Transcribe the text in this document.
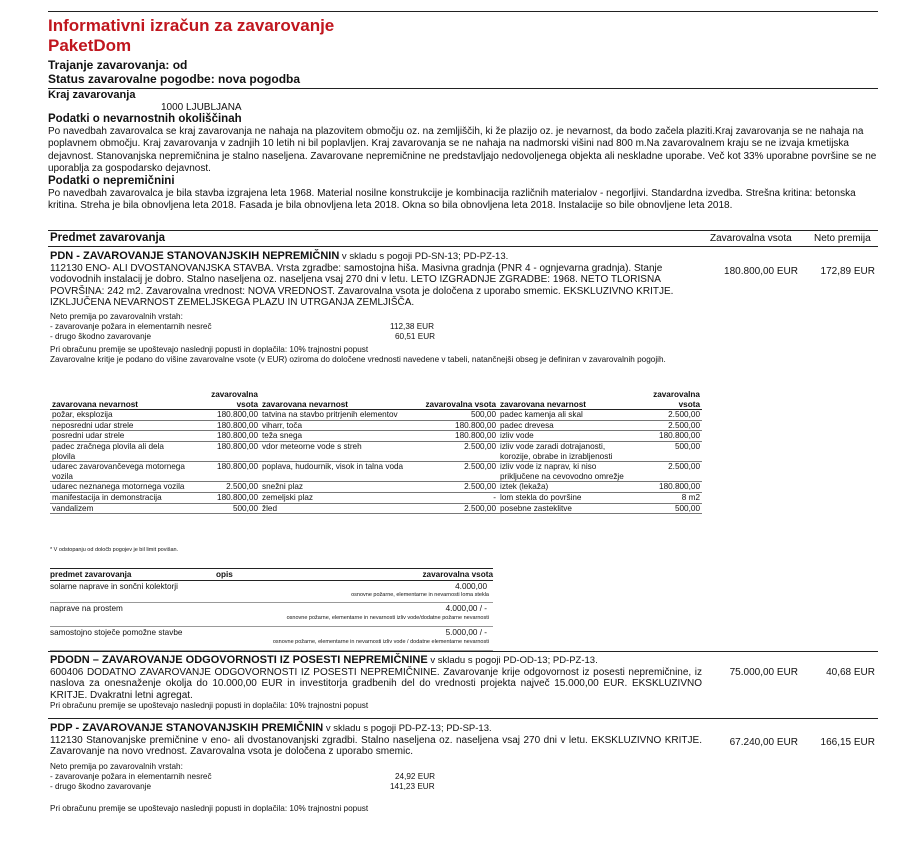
Informativni izračun za zavarovanje
PaketDom
Trajanje zavarovanja: od
Status zavarovalne pogodbe: nova pogodba
Kraj zavarovanja
1000 LJUBLJANA
Podatki o nevarnostnih okoliščinah
Po navedbah zavarovalca se kraj zavarovanja ne nahaja na plazovitem območju oz. na zemljiščih, ki že plazijo oz. je nevarnost, da bodo začela plaziti.Kraj zavarovanja se ne nahaja na poplavnem območju. Kraj zavarovanja v zadnjih 10 letih ni bil poplavljen. Kraj zavarovanja se ne nahaja na nadmorski višini nad 800 m.Na zavarovalnem kraju se ne izvaja kmetijska dejavnost. Stanovanjska nepremičnina je stalno naseljena. Zavarovane nepremičnine ne predstavljajo nedovoljenega objekta ali neskladne uporabe. Več kot 33% uporabne površine se ne uporablja za gospodarsko dejavnost.
Podatki o nepremičnini
Po navedbah zavarovalca je bila stavba izgrajena leta 1968. Material nosilne konstrukcije je kombinacija različnih materialov - negorljivi. Standardna izvedba. Strešna kritina: betonska kritina. Streha je bila obnovljena leta 2018. Fasada je bila obnovljena leta 2018. Okna so bila obnovljena leta 2018. Instalacije so bile obnovljene leta 2018.
Predmet zavarovanja	Zavarovalna vsota Neto premija
PDN - ZAVAROVANJE STANOVANJSKIH NEPREMIČNIN v skladu s pogoji PD-SN-13; PD-PZ-13.
112130 ENO- ALI DVOSTANOVANJSKA STAVBA. Vrsta zgradbe: samostojna hiša. Masivna gradnja (PNR 4 - ognjevarna gradnja). Stanje vodovodnih instalacij je dobro. Stalno naseljena oz. naseljena vsaj 270 dni v letu. LETO IZGRADNJE ZGRADBE: 1968. NETO TLORISNA POVRŠINA: 242 m2. Zavarovalna vrednost: NOVA VREDNOST. Zavarovalna vsota je določena z uporabo smemic. EKSKLUZIVNO KRITJE. IZKLJUČENA NEVARNOST ZEMELJSKEGA PLAZU IN UTRGANJA ZEMLJIŠČA.
Neto premija po zavarovalnih vrstah:
- zavarovanje požara in elementarnih nesreč	112,38 EUR
- drugo škodno zavarovanje	60,51 EUR
Pri obračunu premije se upoštevajo naslednji popusti in doplačila: 10% trajnostni popust
Zavarovalne kritje je podano do višine zavarovalne vsote (v EUR) oziroma do določene vrednosti navedene v tabeli, natančnejši obseg je definiran v zavarovalnih pogojih.
180.800,00 EUR	172,89 EUR
zavarovana nevarnost	zavarovalna vsota	zavarovana nevarnost	zavarovalna vsota	zavarovana nevarnost	zavarovalna vsota
požar, eksplozija	180.800,00	tatvina na stavbo pritrjenih elementov	500,00	padec kamenja ali skal	2.500,00
neposredni udar strele	180.800,00	viharr, toča	180.800,00	padec drevesa	2.500,00
posredni udar strele	180.800,00	teža snega	180.800,00	izliv vode	180.800,00
padec zračnega plovila ali dela plovila	180.800,00	vdor meteorne vode s streh	2.500,00	izliv vode zaradi dotrajanosti, korozije, obrabe in izrabljenosti	500,00
udarec zavarovančevega motornega vozila	180.800,00	poplava, hudournik, visok in talna voda	2.500,00	izliv vode iz naprav, ki niso priključene na cevovodno omrežje	2.500,00
udarec neznanega motornega vozila	2.500,00	snežni plaz	2.500,00	iztek (lekaža)	180.800,00
manifestacija in demonstracija	180.800,00	zemeljski plaz	-	lom stekla do površine	8 m2
vandalizem	500,00	žled	2.500,00	posebne zasteklitve	500,00
* V odstopanju od določb pogojev je bil limit povišan.
predmet zavarovanja	opis	zavarovalna vsota
solarne naprave in sončni kolektorji	4.000,00
osnovne požarne, elementarne in nevarnosti loma stekla
naprave na prostem	4.000,00 / -
osnovne požarne, elementarne in nevarnosti izliv vode/dodatne požarne nevarnosti
samostojno stoječe pomožne stavbe	5.000,00 / -
osnovne požarne, elementarne in nevarnosti izliv vode / dodatne elementarne nevarnosti
PDODN – ZAVAROVANJE ODGOVORNOSTI IZ POSESTI NEPREMIČNINE v skladu s pogoji PD-OD-13; PD-PZ-13.
600406 DODATNO ZAVAROVANJE ODGOVORNOSTI IZ POSESTI NEPREMIČNINE. Zavarovanje krije odgovornost iz posesti nepremičnine, iz naslova za onesnaženje okolja do 10.000,00 EUR in investitorja gradbenih del do vrednosti projekta največ 15.000,00 EUR. EKSKLUZIVNO KRITJE. Dvakratni letni agregat.
Pri obračunu premije se upoštevajo naslednji popusti in doplačila: 10% trajnostni popust
75.000,00 EUR	40,68 EUR
PDP - ZAVAROVANJE STANOVANJSKIH PREMIČNIN v skladu s pogoji PD-PZ-13; PD-SP-13.
112130 Stanovanjske premičnine v eno- ali dvostanovanjski zgradbi. Stalno naseljena oz. naseljena vsaj 270 dni v letu. EKSKLUZIVNO KRITJE. Zavarovanje na novo vrednost. Zavarovalna vsota je določena z uporabo smemic.
Neto premija po zavarovalnih vrstah:
- zavarovanje požara in elementarnih nesreč	24,92 EUR
- drugo škodno zavarovanje	141,23 EUR
Pri obračunu premije se upoštevajo naslednji popusti in doplačila: 10% trajnostni popust
67.240,00 EUR	166,15 EUR
